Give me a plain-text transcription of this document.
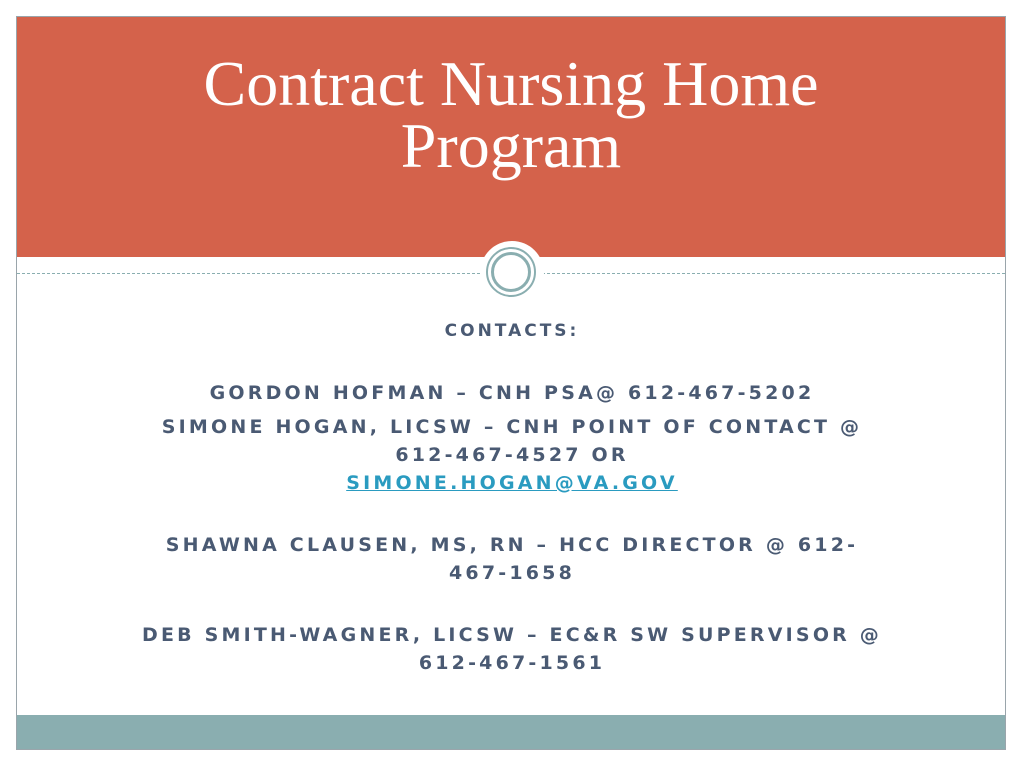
Contract Nursing Home
Program
CONTACTS:
GORDON HOFMAN – CNH PSA@ 612-467-5202
SIMONE HOGAN, LICSW – CNH POINT OF CONTACT @ 612-467-4527 OR
SIMONE.HOGAN@VA.GOV
SHAWNA CLAUSEN, MS, RN – HCC DIRECTOR @ 612-467-1658
DEB SMITH-WAGNER, LICSW – EC&R SW SUPERVISOR @ 612-467-1561
